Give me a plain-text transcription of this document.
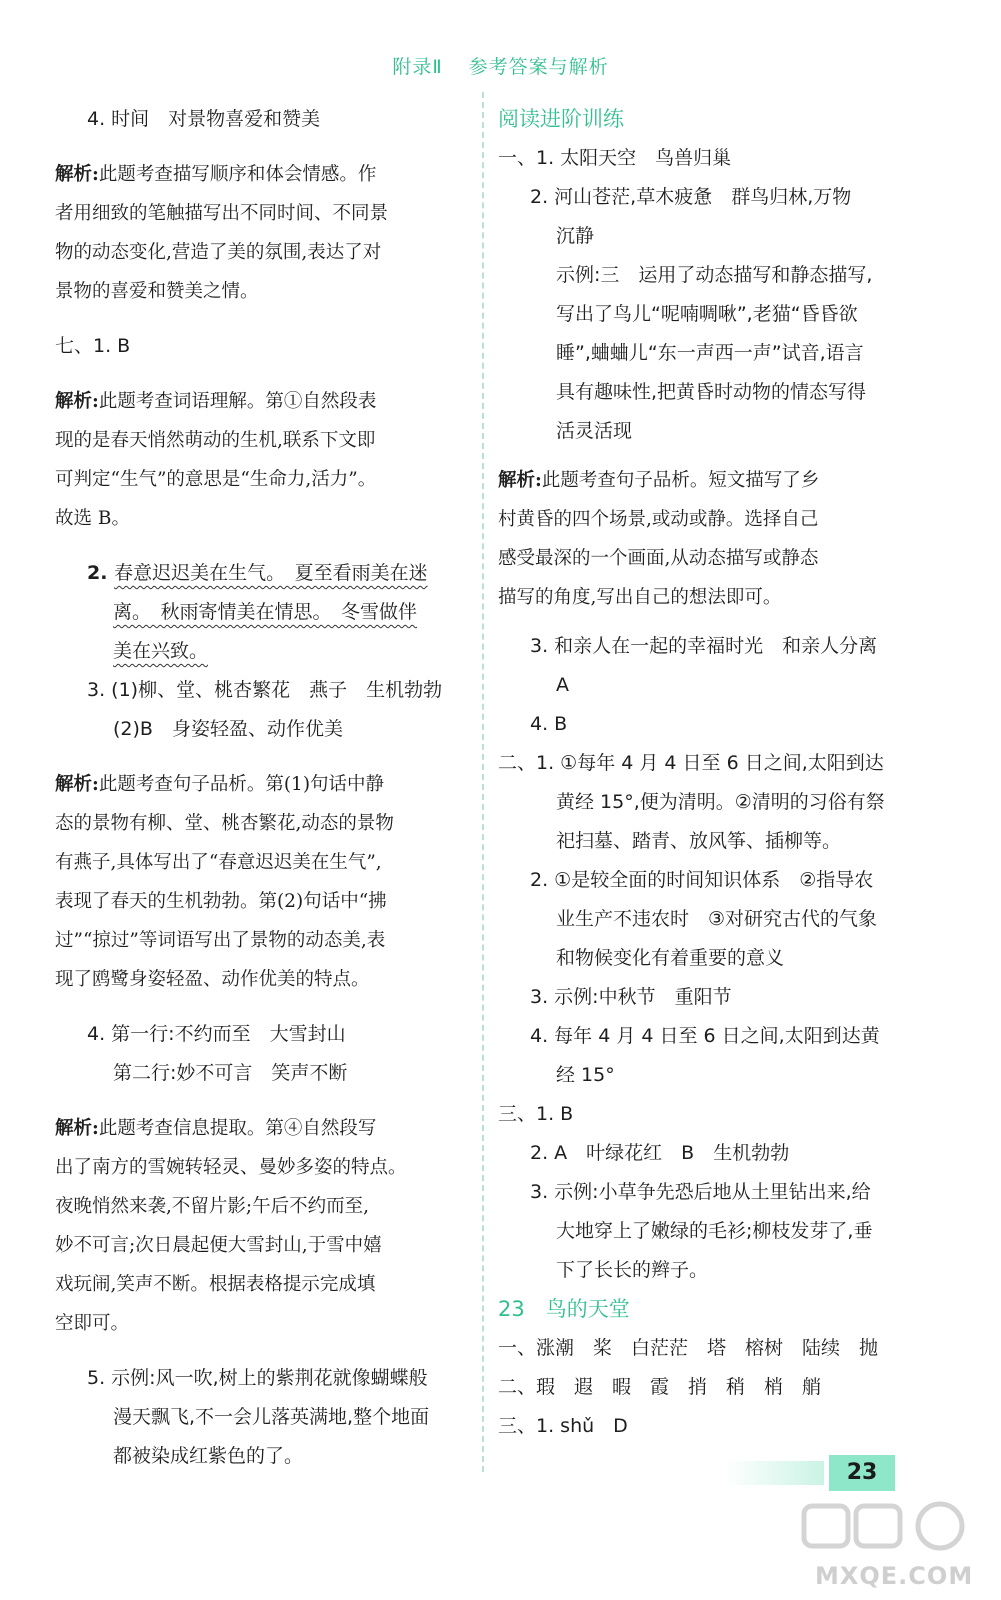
附录Ⅱ 参考答案与解析
4. 时间　对景物喜爱和赞美
解析:此题考查描写顺序和体会情感。作
者用细致的笔触描写出不同时间、不同景
物的动态变化,营造了美的氛围,表达了对
景物的喜爱和赞美之情。
七、1. B
解析:此题考查词语理解。第①自然段表
现的是春天悄然萌动的生机,联系下文即
可判定“生气”的意思是“生命力,活力”。
故选 B。
2. 春意迟迟美在生气。　夏至看雨美在迷
离。　秋雨寄情美在情思。　冬雪做伴
美在兴致。
3. (1)柳、堂、桃杏繁花　燕子　生机勃勃
(2)B　身姿轻盈、动作优美
解析:此题考查句子品析。第(1)句话中静
态的景物有柳、堂、桃杏繁花,动态的景物
有燕子,具体写出了“春意迟迟美在生气”,
表现了春天的生机勃勃。第(2)句话中“拂
过”“掠过”等词语写出了景物的动态美,表
现了鸥鹭身姿轻盈、动作优美的特点。
4. 第一行:不约而至　大雪封山
第二行:妙不可言　笑声不断
解析:此题考查信息提取。第④自然段写
出了南方的雪婉转轻灵、曼妙多姿的特点。
夜晚悄然来袭,不留片影;午后不约而至,
妙不可言;次日晨起便大雪封山,于雪中嬉
戏玩闹,笑声不断。根据表格提示完成填
空即可。
5. 示例:风一吹,树上的紫荆花就像蝴蝶般
漫天飘飞,不一会儿落英满地,整个地面
都被染成红紫色的了。
阅读进阶训练
一、1. 太阳天空　鸟兽归巢
2. 河山苍茫,草木疲惫　群鸟归林,万物
沉静
示例:三　运用了动态描写和静态描写,
写出了鸟儿“呢喃啁啾”,老猫“昏昏欲
睡”,蛐蛐儿“东一声西一声”试音,语言
具有趣味性,把黄昏时动物的情态写得
活灵活现
解析:此题考查句子品析。短文描写了乡
村黄昏的四个场景,或动或静。选择自己
感受最深的一个画面,从动态描写或静态
描写的角度,写出自己的想法即可。
3. 和亲人在一起的幸福时光　和亲人分离
A
4. B
二、1. ①每年 4 月 4 日至 6 日之间,太阳到达
黄经 15°,便为清明。②清明的习俗有祭
祀扫墓、踏青、放风筝、插柳等。
2. ①是较全面的时间知识体系　②指导农
业生产不违农时　③对研究古代的气象
和物候变化有着重要的意义
3. 示例:中秋节　重阳节
4. 每年 4 月 4 日至 6 日之间,太阳到达黄
经 15°
三、1. B
2. A　叶绿花红　B　生机勃勃
3. 示例:小草争先恐后地从土里钻出来,给
大地穿上了嫩绿的毛衫;柳枝发芽了,垂
下了长长的辫子。
23　鸟的天堂
一、涨潮　桨　白茫茫　塔　榕树　陆续　抛
二、瑕　遐　暇　霞　捎　稍　梢　艄
三、1. shǔ　D
23
MXQE.COM
